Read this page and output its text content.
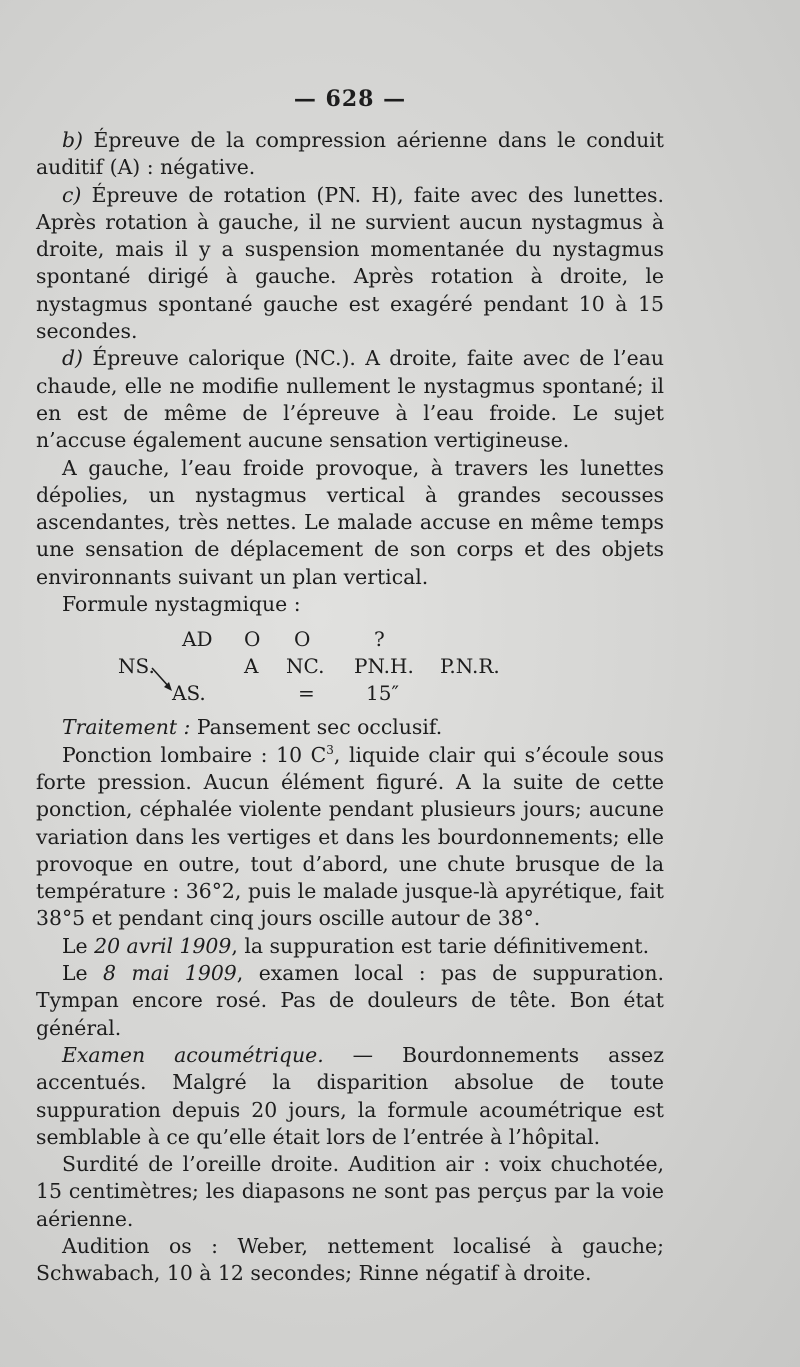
— 628 —

b) Épreuve de la compression aérienne dans le conduit auditif (A) : négative.

c) Épreuve de rotation (PN. H), faite avec des lunettes. Après rotation à gauche, il ne survient aucun nystagmus à droite, mais il y a suspension momentanée du nystagmus spontané dirigé à gauche. Après rotation à droite, le nystagmus spontané gauche est exagéré pendant 10 à 15 secondes.

d) Épreuve calorique (NC.). A droite, faite avec de l’eau chaude, elle ne modifie nullement le nystagmus spontané; il en est de même de l’épreuve à l’eau froide. Le sujet n’accuse également aucune sensation vertigineuse.

A gauche, l’eau froide provoque, à travers les lunettes dépolies, un nystagmus vertical à grandes secousses ascendantes, très nettes. Le malade accuse en même temps une sensation de déplacement de son corps et des objets environnants suivant un plan vertical.

Formule nystagmique :

AD O O	?
NS.	A NC. PN.H. P.N.R.
AS.	=	15″

Traitement : Pansement sec occlusif.

Ponction lombaire : 10 $C^3$, liquide clair qui s’écoule sous forte pression. Aucun élément figuré. A la suite de cette ponction, céphalée violente pendant plusieurs jours; aucune variation dans les vertiges et dans les bourdonnements; elle provoque en outre, tout d’abord, une chute brusque de la température : 36°2, puis le malade jusque-là apyrétique, fait 38°5 et pendant cinq jours oscille autour de 38°.

Le 20 avril 1909, la suppuration est tarie définitivement.

Le 8 mai 1909, examen local : pas de suppuration. Tympan encore rosé. Pas de douleurs de tête. Bon état général.

Examen acoumétrique. — Bourdonnements assez accentués. Malgré la disparition absolue de toute suppuration depuis 20 jours, la formule acoumétrique est semblable à ce qu’elle était lors de l’entrée à l’hôpital.

Surdité de l’oreille droite. Audition air : voix chuchotée, 15 centimètres; les diapasons ne sont pas perçus par la voie aérienne.

Audition os : Weber, nettement localisé à gauche; Schwabach, 10 à 12 secondes; Rinne négatif à droite.
